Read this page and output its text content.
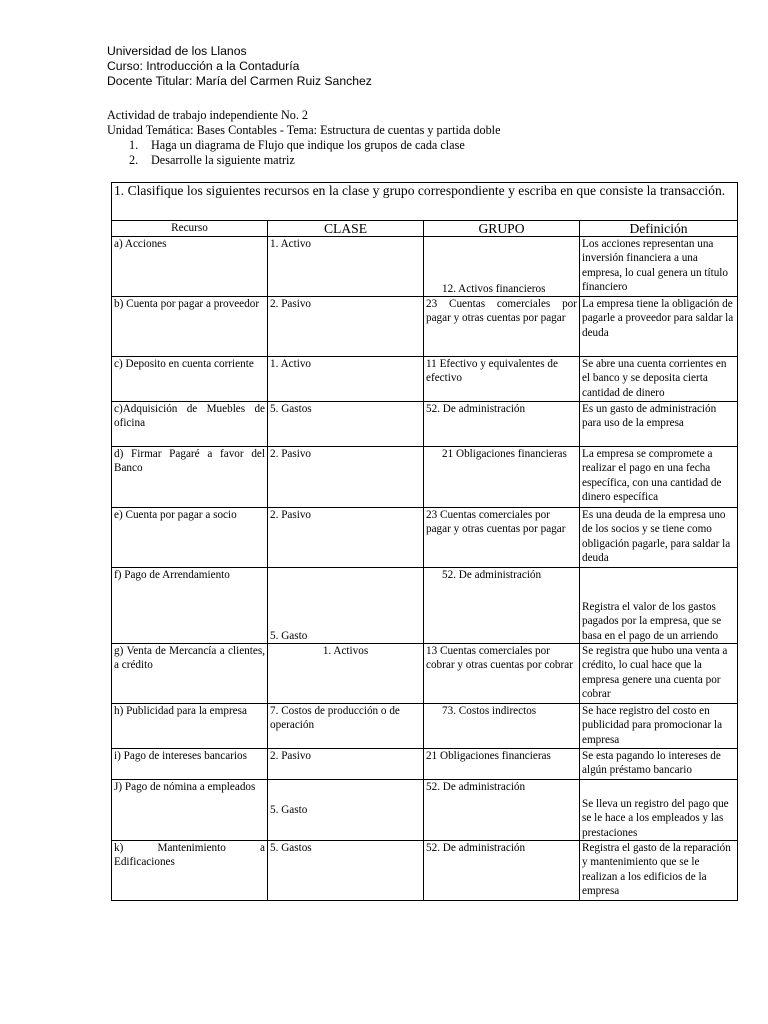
Universidad de los Llanos
Curso: Introducción a la Contaduría
Docente Titular: María del Carmen Ruiz Sanchez
Actividad de trabajo independiente No. 2
Unidad Temática: Bases Contables - Tema: Estructura de cuentas y partida doble
1. Haga un diagrama de Flujo que indique los grupos de cada clase
2. Desarrolle la siguiente matriz
1. Clasifique los siguientes recursos en la clase y grupo correspondiente y escriba en que consiste la transacción.			
Recurso	CLASE	GRUPO	Definición
a) Acciones	1. Activo	12. Activos financieros	Los acciones representan una inversión financiera a una empresa, lo cual genera un título financiero
b) Cuenta por pagar a proveedor	2. Pasivo	23 Cuentas comerciales por pagar y otras cuentas por pagar	La empresa tiene la obligación de pagarle a proveedor para saldar la deuda
c) Deposito en cuenta corriente	1. Activo	11 Efectivo y equivalentes de efectivo	Se abre una cuenta corrientes en el banco y se deposita cierta cantidad de dinero
c)Adquisición de Muebles de oficina	5. Gastos	52. De administración	Es un gasto de administración para uso de la empresa
d) Firmar Pagaré a favor del Banco	2. Pasivo	21 Obligaciones financieras	La empresa se compromete a realizar el pago en una fecha específica, con una cantidad de dinero específica
e) Cuenta por pagar a socio	2. Pasivo	23 Cuentas comerciales por pagar y otras cuentas por pagar	Es una deuda de la empresa uno de los socios y se tiene como obligación pagarle, para saldar la deuda
f) Pago de Arrendamiento	5. Gasto	52. De administración	Registra el valor de los gastos pagados por la empresa, que se basa en el pago de un arriendo
g) Venta de Mercancía a clientes, a crédito	1. Activos	13 Cuentas comerciales por cobrar y otras cuentas por cobrar	Se registra que hubo una venta a crédito, lo cual hace que la empresa genere una cuenta por cobrar
h) Publicidad para la empresa	7. Costos de producción o de operación	73. Costos indirectos	Se hace registro del costo en publicidad para promocionar la empresa
i) Pago de intereses bancarios	2. Pasivo	21 Obligaciones financieras	Se esta pagando lo intereses de algún préstamo bancario
J) Pago de nómina a empleados	5. Gasto	52. De administración	Se lleva un registro del pago que se le hace a los empleados y las prestaciones
k) Mantenimiento a Edificaciones	5. Gastos	52. De administración	Registra el gasto de la reparación y mantenimiento que se le realizan a los edificios de la empresa
